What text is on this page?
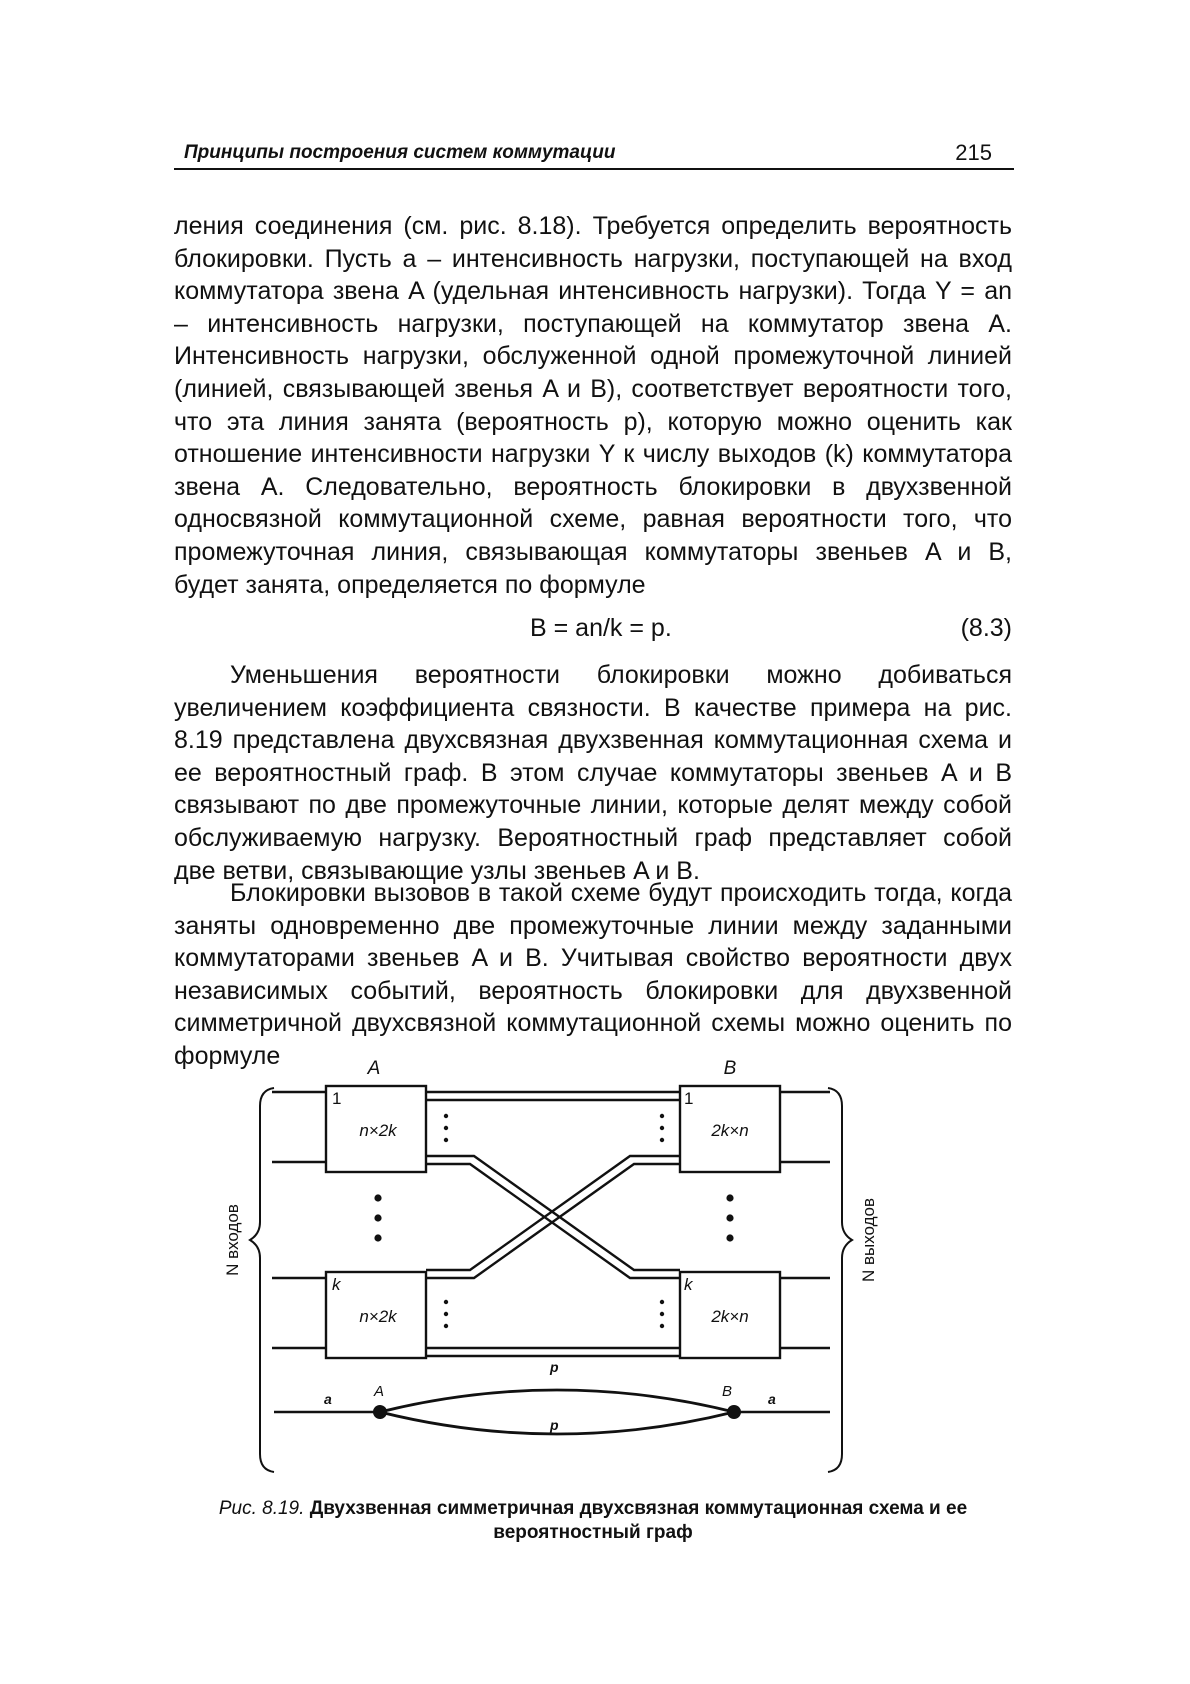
Принципы построения систем коммутации	215
ления соединения (см. рис. 8.18). Требуется определить вероятность блокировки. Пусть a – интенсивность нагрузки, поступающей на вход коммутатора звена A (удельная интенсивность нагрузки). Тогда Y = an – интенсивность нагрузки, поступающей на коммутатор звена A. Интенсивность нагрузки, обслуженной одной промежуточной линией (линией, связывающей звенья A и B), соответствует вероятности того, что эта линия занята (вероятность p), которую можно оценить как отношение интенсивности нагрузки Y к числу выходов (k) коммутатора звена A. Следовательно, вероятность блокировки в двухзвенной односвязной коммутационной схеме, равная вероятности того, что промежуточная линия, связывающая коммутаторы звеньев A и B, будет занята, определяется по формуле
B = an/k = p.	(8.3)
Уменьшения вероятности блокировки можно добиваться увеличением коэффициента связности. В качестве примера на рис. 8.19 представлена двухсвязная двухзвенная коммутационная схема и ее вероятностный граф. В этом случае коммутаторы звеньев A и B связывают по две промежуточные линии, которые делят между собой обслуживаемую нагрузку. Вероятностный граф представляет собой две ветви, связывающие узлы звеньев A и B.
Блокировки вызовов в такой схеме будут происходить тогда, когда заняты одновременно две промежуточные линии между заданными коммутаторами звеньев A и B. Учитывая свойство вероятности двух независимых событий, вероятность блокировки для двухзвенной симметричной двухсвязной коммутационной схемы можно оценить по формуле	A	B
1
n×2k
k
n×2k
1
2k×n
k
2k×n
N входов	N выходов
a	A	B	a
p
p
Рис. 8.19. Двухзвенная симметричная двухсвязная коммутационная схема и ее вероятностный граф
